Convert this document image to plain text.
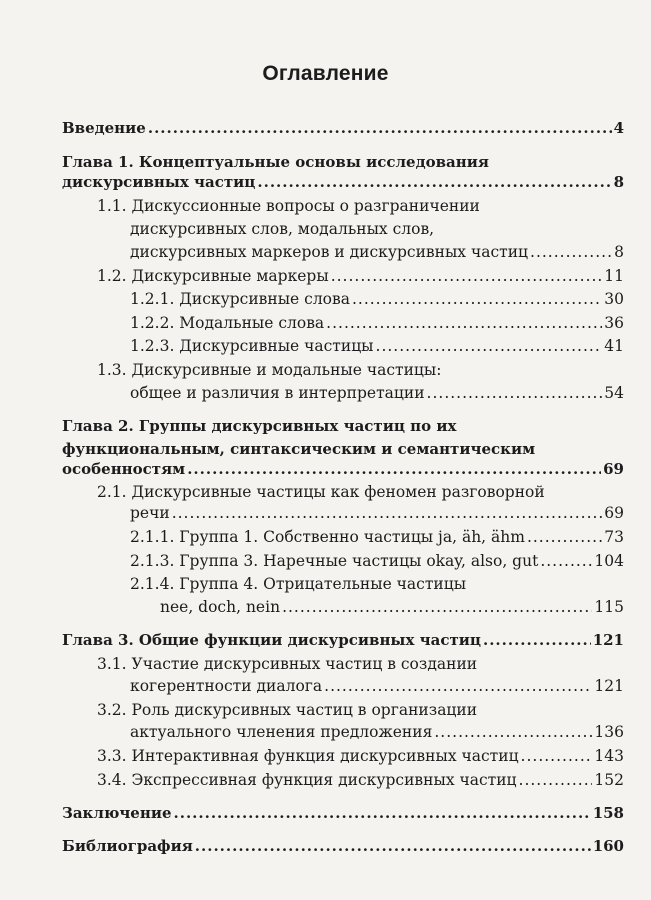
Оглавление
Введение .....	4
Глава 1. Концептуальные основы исследования
дискурсивных частиц .....	8
1.1. Дискуссионные вопросы о разграничении
дискурсивных слов, модальных слов,
дискурсивных маркеров и дискурсивных частиц .....	8
1.2. Дискурсивные маркеры .....	11
1.2.1. Дискурсивные слова .....	30
1.2.2. Модальные слова .....	36
1.2.3. Дискурсивные частицы .....	41
1.3. Дискурсивные и модальные частицы:
общее и различия в интерпретации .....	54
Глава 2. Группы дискурсивных частиц по их
функциональным, синтаксическим и семантическим
особенностям .....	69
2.1. Дискурсивные частицы как феномен разговорной
речи .....	69
2.1.1. Группа 1. Собственно частицы ja, äh, ähm .....	73
2.1.3. Группа 3. Наречные частицы okay, also, gut .....	104
2.1.4. Группа 4. Отрицательные частицы
nee, doch, nein .....	115
Глава 3. Общие функции дискурсивных частиц .....	121
3.1. Участие дискурсивных частиц в создании
когерентности диалога .....	121
3.2. Роль дискурсивных частиц в организации
актуального членения предложения .....	136
3.3. Интерактивная функция дискурсивных частиц .....	143
3.4. Экспрессивная функция дискурсивных частиц .....	152
Заключение .....	158
Библиография .....	160
